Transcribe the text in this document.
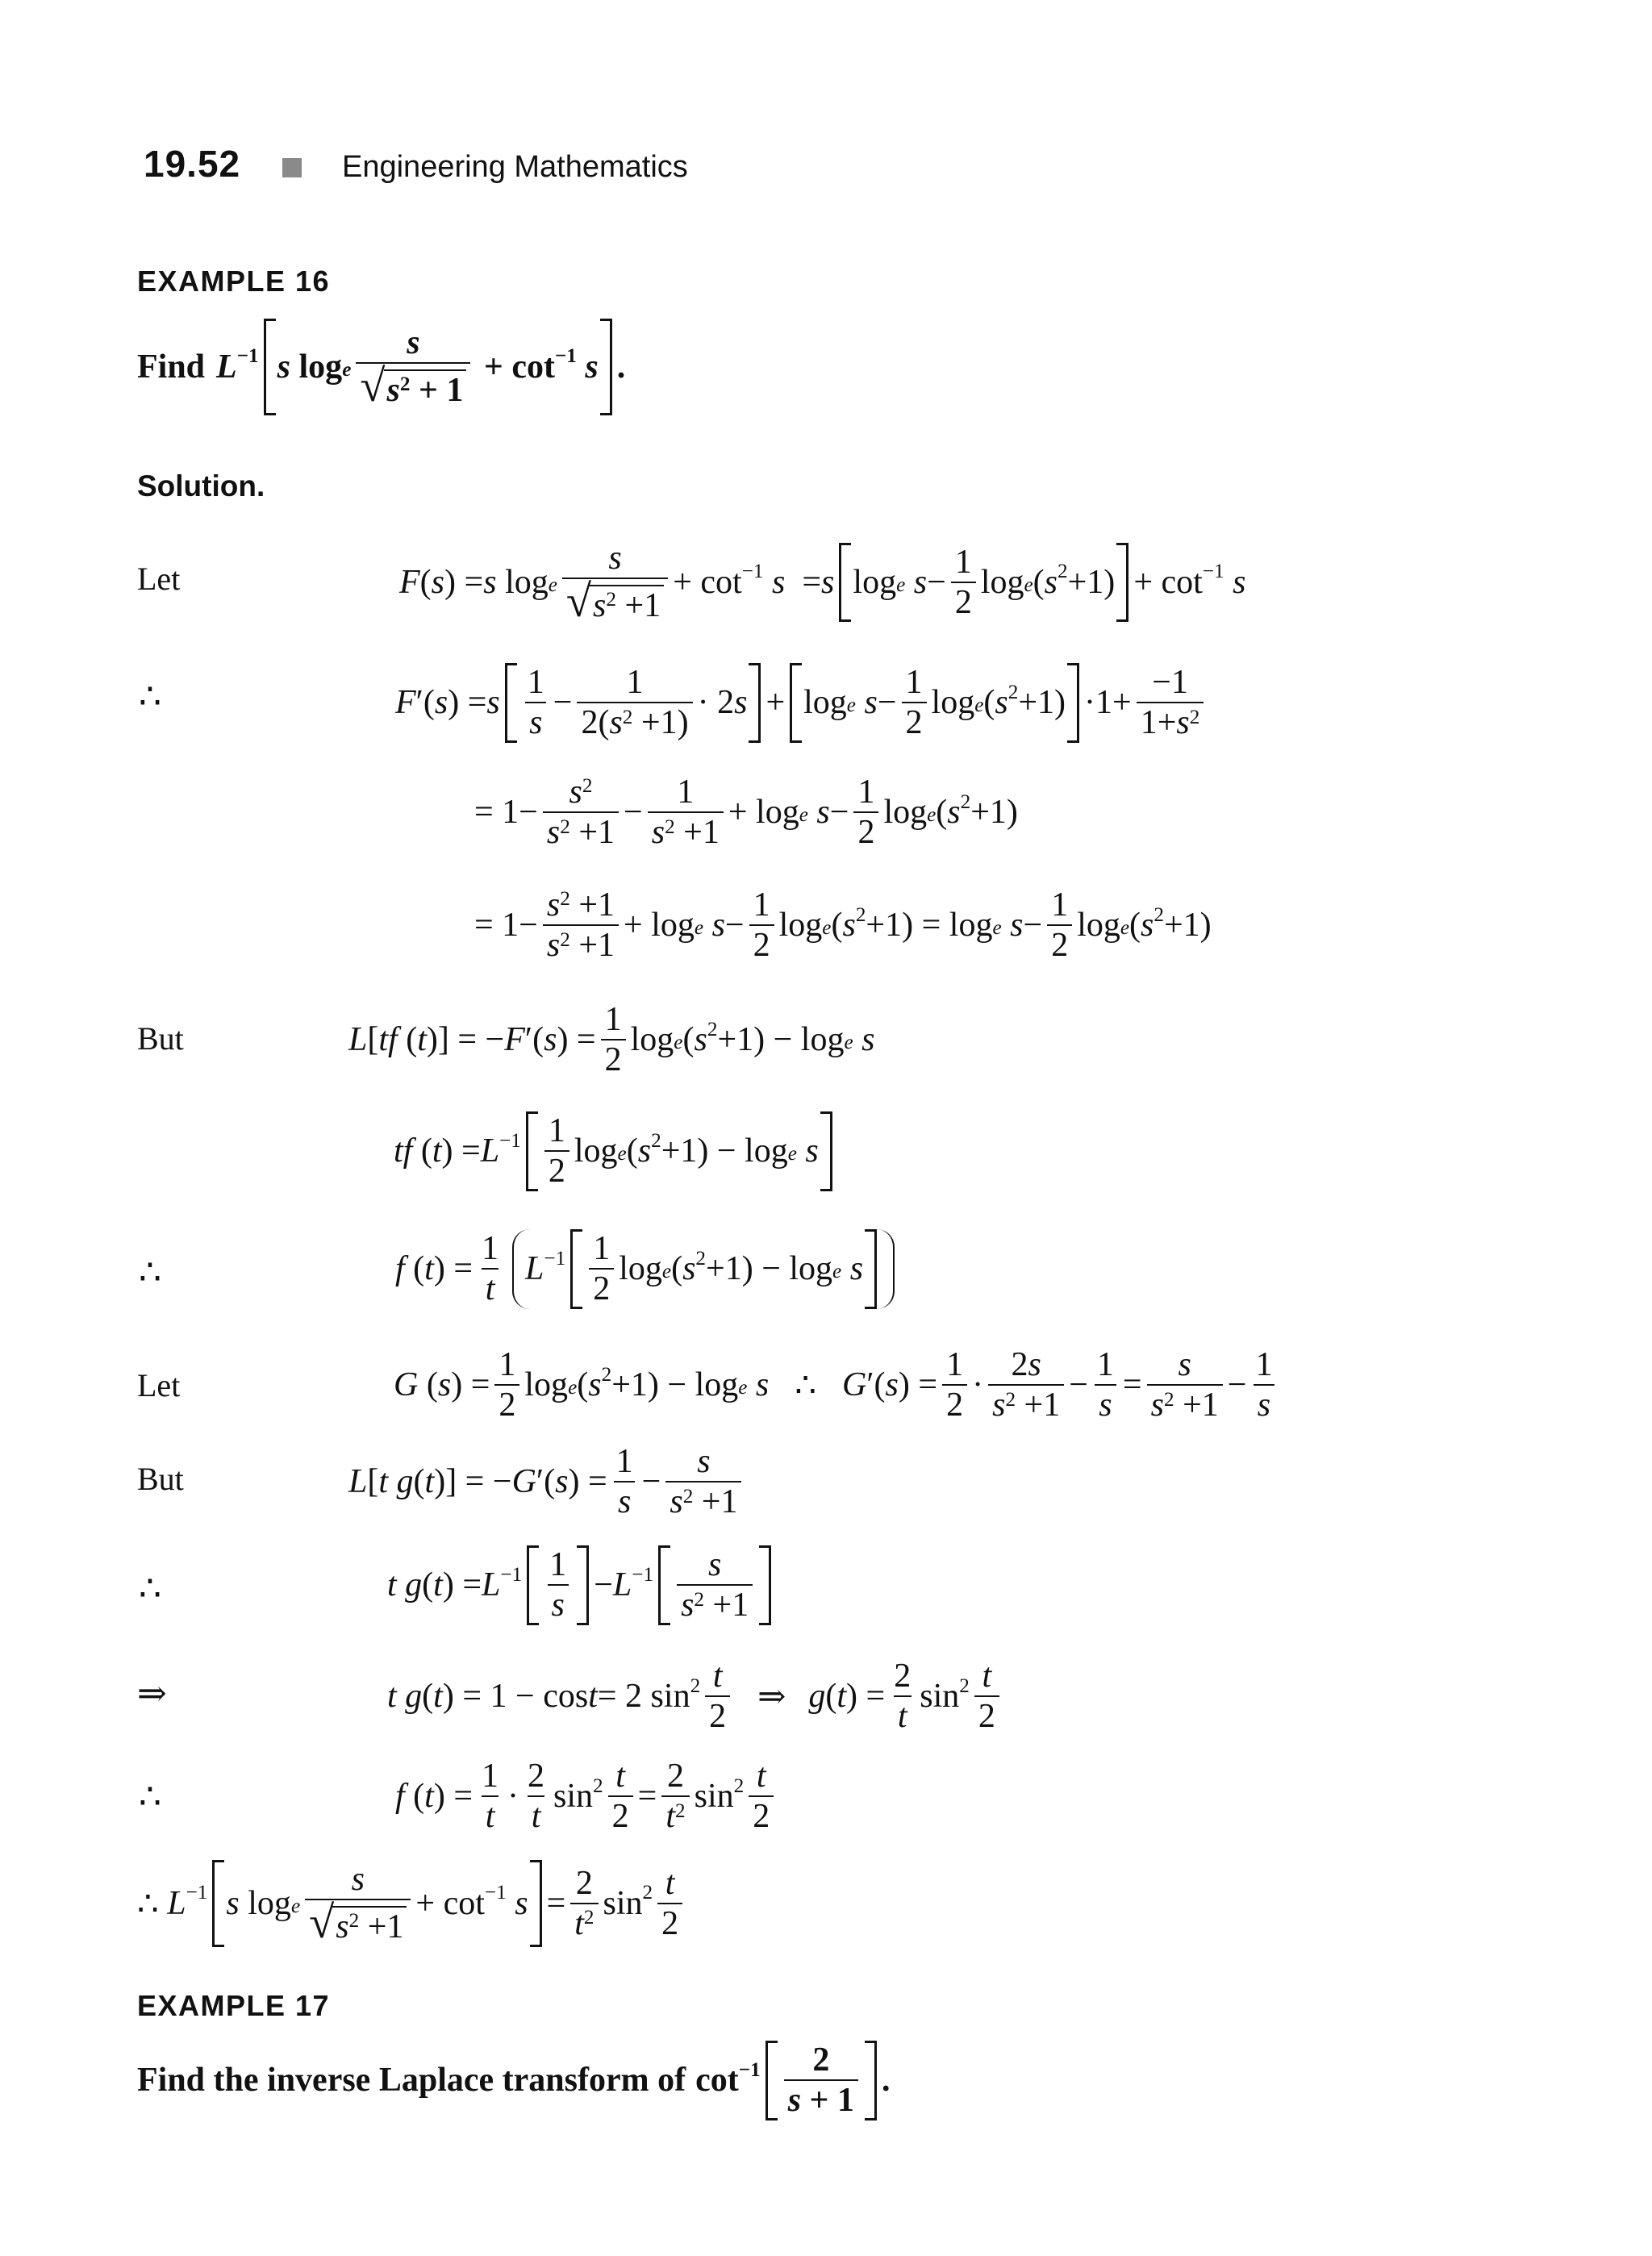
19.52	Engineering Mathematics
EXAMPLE 16
Find $L^{-1}$ s $\log _e \frac{s}{√ s^2 + 1} + \cot^{-1}$
s .
Solution.
Let	F ( s ) = s $\log _e \frac{s}{√ s^2 +1} + \cot^{-1}$
s = s log $_e$
$s - \frac{1}{2}$ log $_e$ ( $s^2 +1) + \cot^{-1}$
s
∴	F ′( s ) = s $\frac{1}{s} - \frac{1}{2(s^2 +1)} \cdot 2$ s + log $_e$
$s - \frac{1}{2}$ log $_e$ ( $s^2 +1) \cdot 1+ \frac{-1}{1+s^2}$
= $1- \frac{s^2}{s^2 +1} - \frac{1}{s^2 +1} + \log _e$
$s - \frac{1}{2}$ log $_e$ ( $s^2 +1$)
= $1- \frac{s^2 +1}{s^2 +1} + \log _e$
$s - \frac{1}{2}$ log $_e$ ( $s^2 +1) = \log _e$
$s - \frac{1}{2}$ log $_e$ ( $s^2 +1$)
But	L [ tf ( t )] = − F ′( s ) = $\frac{1}{2}$ log $_e$ ( $s^2 +1) - \log _e$
s
tf ( t ) = $L^{-1} \frac{1}{2}$ log $_e$ ( $s^2 +1) - \log _e$
s
∴	f ( t ) = $\frac{1}{t} L^{-1} \frac{1}{2}$ log $_e$ ( $s^2 +1) - \log _e$
s
Let	G ( s ) = $\frac{1}{2}$ log $_e$ ( $s^2 +1) - \log _e$
s ∴ G ′( s ) = $\frac{1}{2} \cdot \frac{2s}{s^2 +1} - \frac{1}{s} = \frac{s}{s^2 +1} - \frac{1}{s}$
But	L [ t g ( t )] = − G ′( s ) = $\frac{1}{s} - \frac{s}{s^2 +1}$
∴	t g ( t ) = $L^{-1} \frac{1}{s} - L^{-1} \frac{s}{s^2 +1}$
⇒	t g ( t ) = 1 − cos t = 2 $\sin^2 \frac{t}{2}$ ⇒ g ( t ) = $\frac{2}{t} \sin^2 \frac{t}{2}$
∴	f ( t ) = $\frac{1}{t} \cdot \frac{2}{t} \sin^2 \frac{t}{2} = \frac{2}{t^2} \sin^2 \frac{t}{2}$
∴
$L^{-1}$ s $\log _e \frac{s}{√ s^2 +1} + \cot^{-1}$
$s = \frac{2}{t^2} \sin^2 \frac{t}{2}$
EXAMPLE 17
Find the inverse Laplace transform of $\cot^{-1} \frac{2}{s + 1}$ .
